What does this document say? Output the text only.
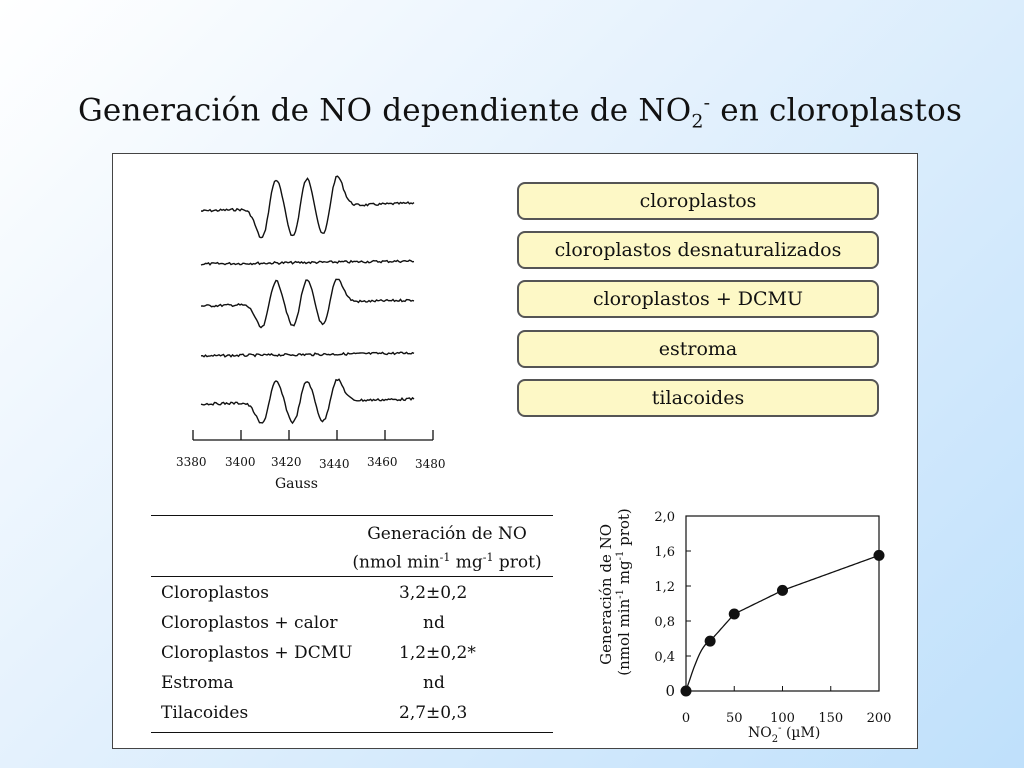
Generación de NO dependiente de $NO_2^-$ en cloroplastos
3380 3400 3420 3440 3460 3480
Gauss
cloroplastos
cloroplastos desnaturalizados
cloroplastos + DCMU
estroma
tilacoides
Generación de NO
(nmol $\min^{-1} mg^{-1}$ prot)
Cloroplastos	3,2±0,2
Cloroplastos + calor	nd
Cloroplastos + DCMU	1,2±0,2*
Estroma	nd
Tilacoides	2,7±0,3
0
0,4
0,8
1,2
1,6
2,0
0	50 100 150 200
Generación de NO (nmol $\min^{-1} mg^{-1}$ prot)
$NO_2^-$ (µM)
